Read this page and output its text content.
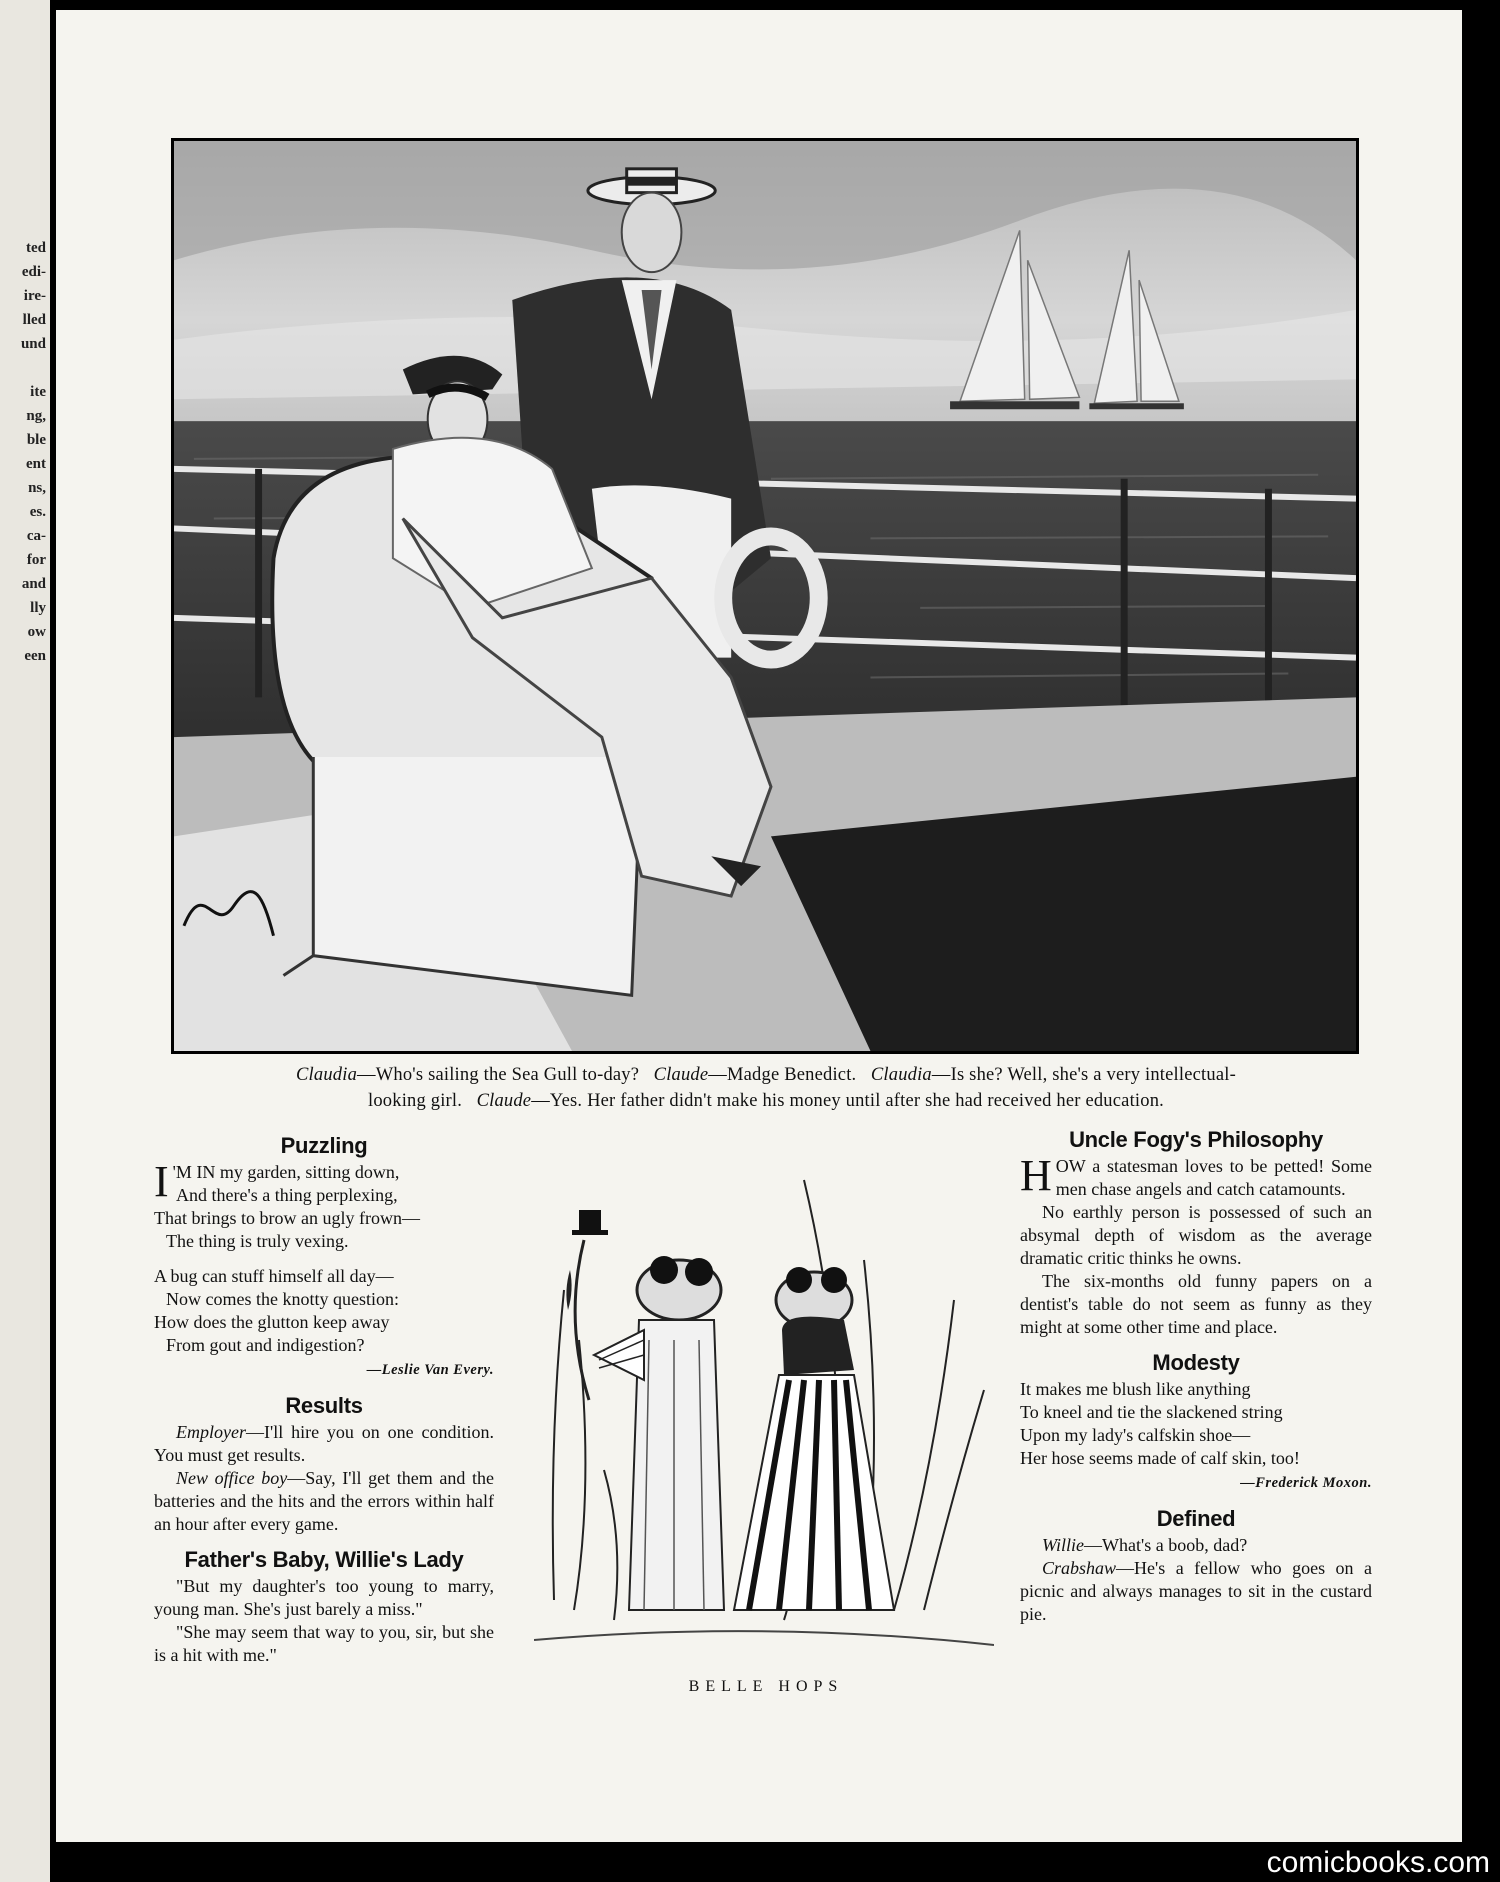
ted
edi-
ire-
lled
und

ite
ng,
ble
ent
ns,
es.
ca-
for
and
lly
ow
een

Claudia—Who's sailing the Sea Gull to-day? Claude—Madge Benedict. Claudia—Is she? Well, she's a very intellectual-

looking girl. Claude—Yes. Her father didn't make his money until after she had received her education.

Puzzling

I 'M IN my garden, sitting down,

And there's a thing perplexing,

That brings to brow an ugly frown—

The thing is truly vexing.

A bug can stuff himself all day—

Now comes the knotty question:

How does the glutton keep away

From gout and indigestion?

—Leslie Van Every.
Results

Employer—I'll hire you on one condition. You must get results.

New office boy—Say, I'll get them and the batteries and the hits and the errors within half an hour after every game.

Father's Baby, Willie's Lady

"But my daughter's too young to marry, young man. She's just barely a miss."

"She may seem that way to you, sir, but she is a hit with me."

BELLE HOPS
Uncle Fogy's Philosophy

HOW a statesman loves to be petted! Some men chase angels and catch catamounts.

No earthly person is possessed of such an absymal depth of wisdom as the average dramatic critic thinks he owns.

The six-months old funny papers on a dentist's table do not seem as funny as they might at some other time and place.

Modesty

It makes me blush like anything

To kneel and tie the slackened string

Upon my lady's calfskin shoe—

Her hose seems made of calf skin, too!

—Frederick Moxon.
Defined

Willie—What's a boob, dad?

Crabshaw—He's a fellow who goes on a picnic and always manages to sit in the custard pie.

comicbooks.com
